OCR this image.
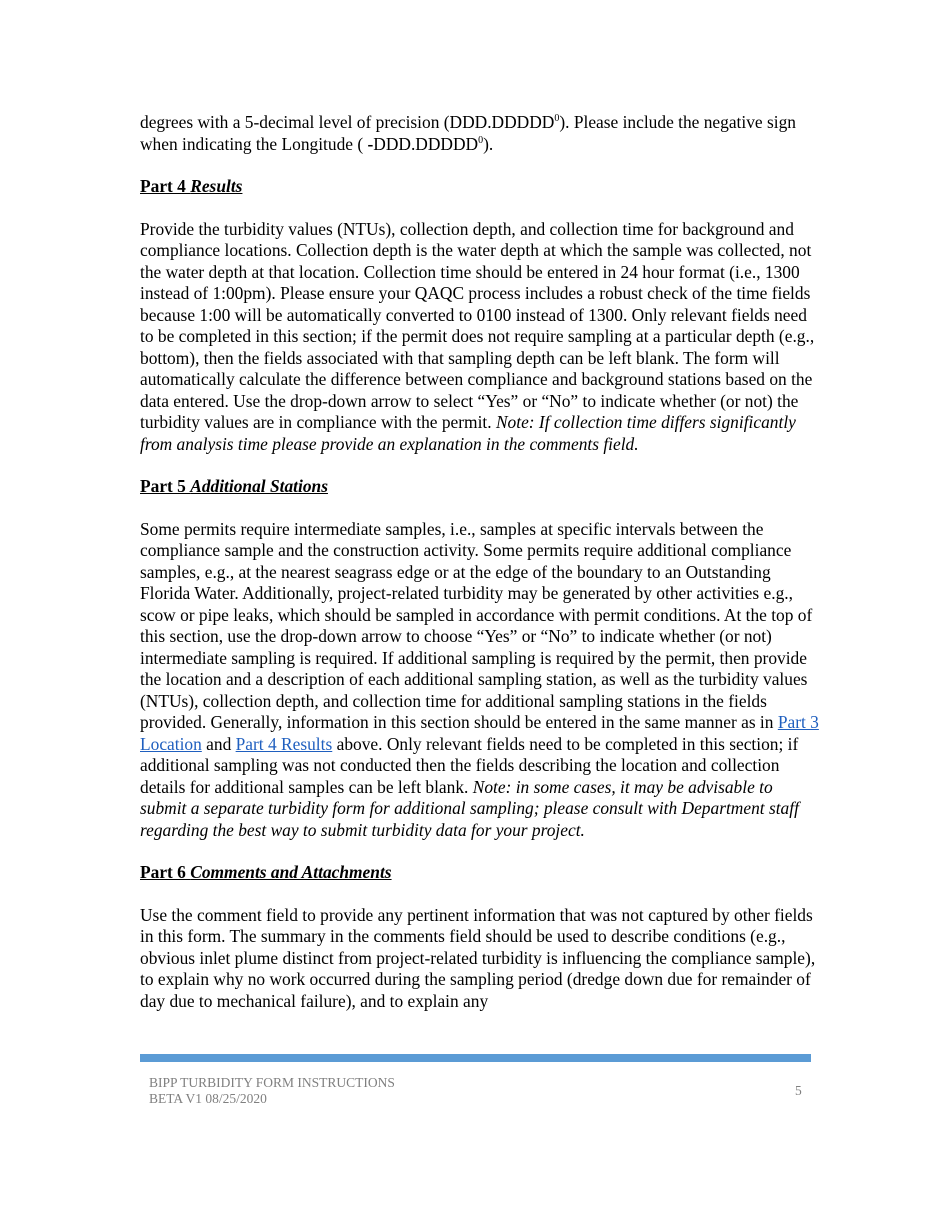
degrees with a 5-decimal level of precision (DDD.DDDDD$^0$). Please include the negative sign when indicating the Longitude ( -DDD.DDDDD$^0$).

Part 4 Results

Provide the turbidity values (NTUs), collection depth, and collection time for background and compliance locations. Collection depth is the water depth at which the sample was collected, not the water depth at that location. Collection time should be entered in 24 hour format (i.e., 1300 instead of 1:00pm). Please ensure your QAQC process includes a robust check of the time fields because 1:00 will be automatically converted to 0100 instead of 1300. Only relevant fields need to be completed in this section; if the permit does not require sampling at a particular depth (e.g., bottom), then the fields associated with that sampling depth can be left blank. The form will automatically calculate the difference between compliance and background stations based on the data entered. Use the drop-down arrow to select “Yes” or “No” to indicate whether (or not) the turbidity values are in compliance with the permit. Note: If collection time differs significantly from analysis time please provide an explanation in the comments field.

Part 5 Additional Stations

Some permits require intermediate samples, i.e., samples at specific intervals between the compliance sample and the construction activity. Some permits require additional compliance samples, e.g., at the nearest seagrass edge or at the edge of the boundary to an Outstanding Florida Water. Additionally, project-related turbidity may be generated by other activities e.g., scow or pipe leaks, which should be sampled in accordance with permit conditions. At the top of this section, use the drop-down arrow to choose “Yes” or “No” to indicate whether (or not) intermediate sampling is required. If additional sampling is required by the permit, then provide the location and a description of each additional sampling station, as well as the turbidity values (NTUs), collection depth, and collection time for additional sampling stations in the fields provided. Generally, information in this section should be entered in the same manner as in Part 3 Location and Part 4 Results above. Only relevant fields need to be completed in this section; if additional sampling was not conducted then the fields describing the location and collection details for additional samples can be left blank. Note: in some cases, it may be advisable to submit a separate turbidity form for additional sampling; please consult with Department staff regarding the best way to submit turbidity data for your project.

Part 6 Comments and Attachments

Use the comment field to provide any pertinent information that was not captured by other fields in this form. The summary in the comments field should be used to describe conditions (e.g., obvious inlet plume distinct from project-related turbidity is influencing the compliance sample), to explain why no work occurred during the sampling period (dredge down due for remainder of day due to mechanical failure), and to explain any

BIPP TURBIDITY FORM INSTRUCTIONS
BETA V1 08/25/2020
5
